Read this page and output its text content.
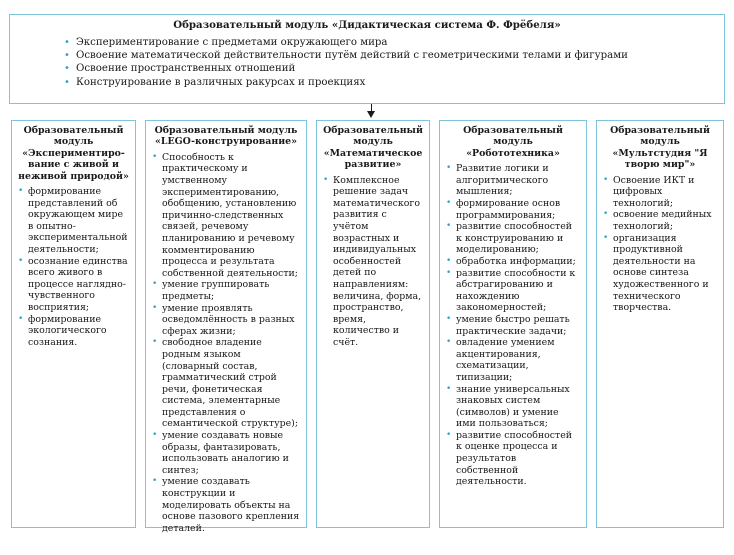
Образовательный модуль «Дидактическая система Ф. Фрёбеля»
• Экспериментирование с предметами окружающего мира
• Освоение математической действительности путём действий с геометрическими телами и фигурами
• Освоение пространственных отношений
• Конструирование в различных ракурсах и проекциях
Образовательный модуль «Экспериментиро-вание с живой и неживой природой»
• формирование представлений об окружающем мире в опытно-экспериментальной деятельности;
• осознание единства всего живого в процессе наглядно-чувственного восприятия;
• формирование экологического сознания.
Образовательный модуль «LEGO-конструирование»
• Способность к практическому и умственному экспериментированию, обобщению, установлению причинно-следственных связей, речевому планированию и речевому комментированию процесса и результата собственной деятельности;
• умение группировать предметы;
• умение проявлять осведомлённость в разных сферах жизни;
• свободное владение родным языком (словарный состав, грамматический строй речи, фонетическая система, элементарные представления о семантической структуре);
• умение создавать новые образы, фантазировать, использовать аналогию и синтез;
• умение создавать конструкции и моделировать объекты на основе пазового крепления деталей.
Образовательный модуль «Математическое развитие»
• Комплексное решение задач математического развития с учётом возрастных и индивидуальных особенностей детей по направлениям: величина, форма, пространство, время, количество и счёт.
Образовательный модуль «Робототехника»
• Развитие логики и алгоритмического мышления;
• формирование основ программирования;
• развитие способностей к конструированию и моделированию;
• обработка информации;
• развитие способности к абстрагированию и нахождению закономерностей;
• умение быстро решать практические задачи;
• овладение умением акцентирования, схематизации, типизации;
• знание универсальных знаковых систем (символов) и умение ими пользоваться;
• развитие способностей к оценке процесса и результатов собственной деятельности.
Образовательный модуль «Мультстудия "Я творю мир"»
• Освоение ИКТ и цифровых технологий;
• освоение медийных технологий;
• организация продуктивной деятельности на основе синтеза художественного и технического творчества.
